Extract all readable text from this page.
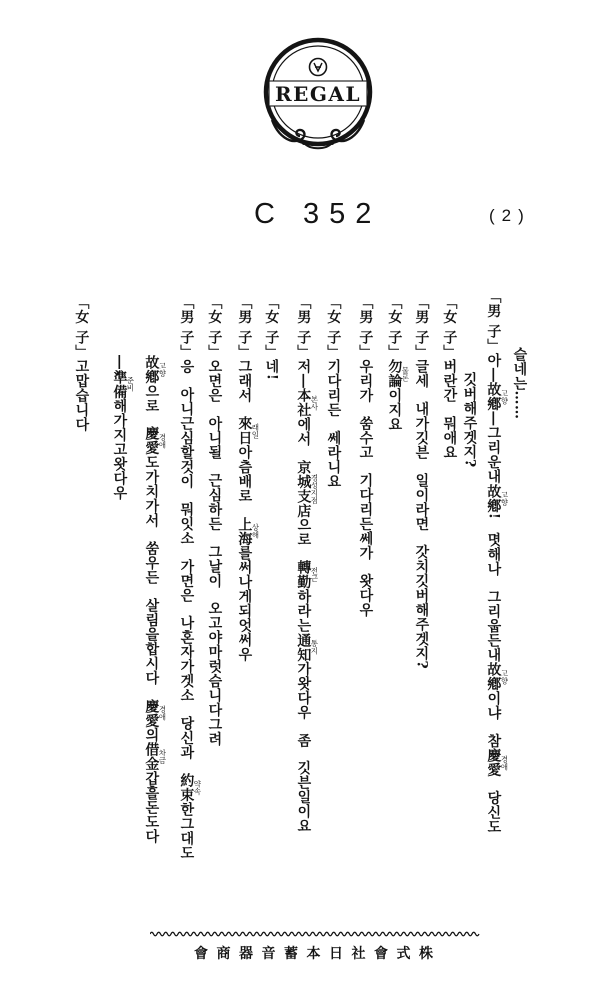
REGAL
C 352	(2)
슬네는……
「男 子」아―故鄕고향―그리운내故鄕고향! 몃해나 그리웁든내故鄕고향이냐 참慶愛경애 당신도
깃버해주겟지?
「女 子」버란간 뭐애요
「男 子」글세 내가깃븐 일이라면 갓치깃버해주겟지?
「女 子」勿論물론이지요
「男 子」우리가 쑴수고 기다리든쎄가 왓다우
「女 子」기다리든 쎄라니요
「男 子」저―本社본사에서 京城支店경성지점으로 轉勤전근하라는通知통지가왓다우 좀 깃븐일이요
「女 子」네!
「男 子」그래서 來日래일아츰배로 上海상해를써나게되엇써우
「女 子」오면은 아니될 근심하든 그날이 오고야마럿슴니다그려
「男 子」응 아니근심할것이 뭐잇소 가면은 나혼자가겟소 당신과 約束약속한그대도
故鄕고향으로 慶愛경애도가치가서 쑴우든 살림을합시다 慶愛경애의借金차금갑흘돈도다
―準備준비해가지고왓다우
「女 子」고맙습니다
會商器音蓄本日社會式株
